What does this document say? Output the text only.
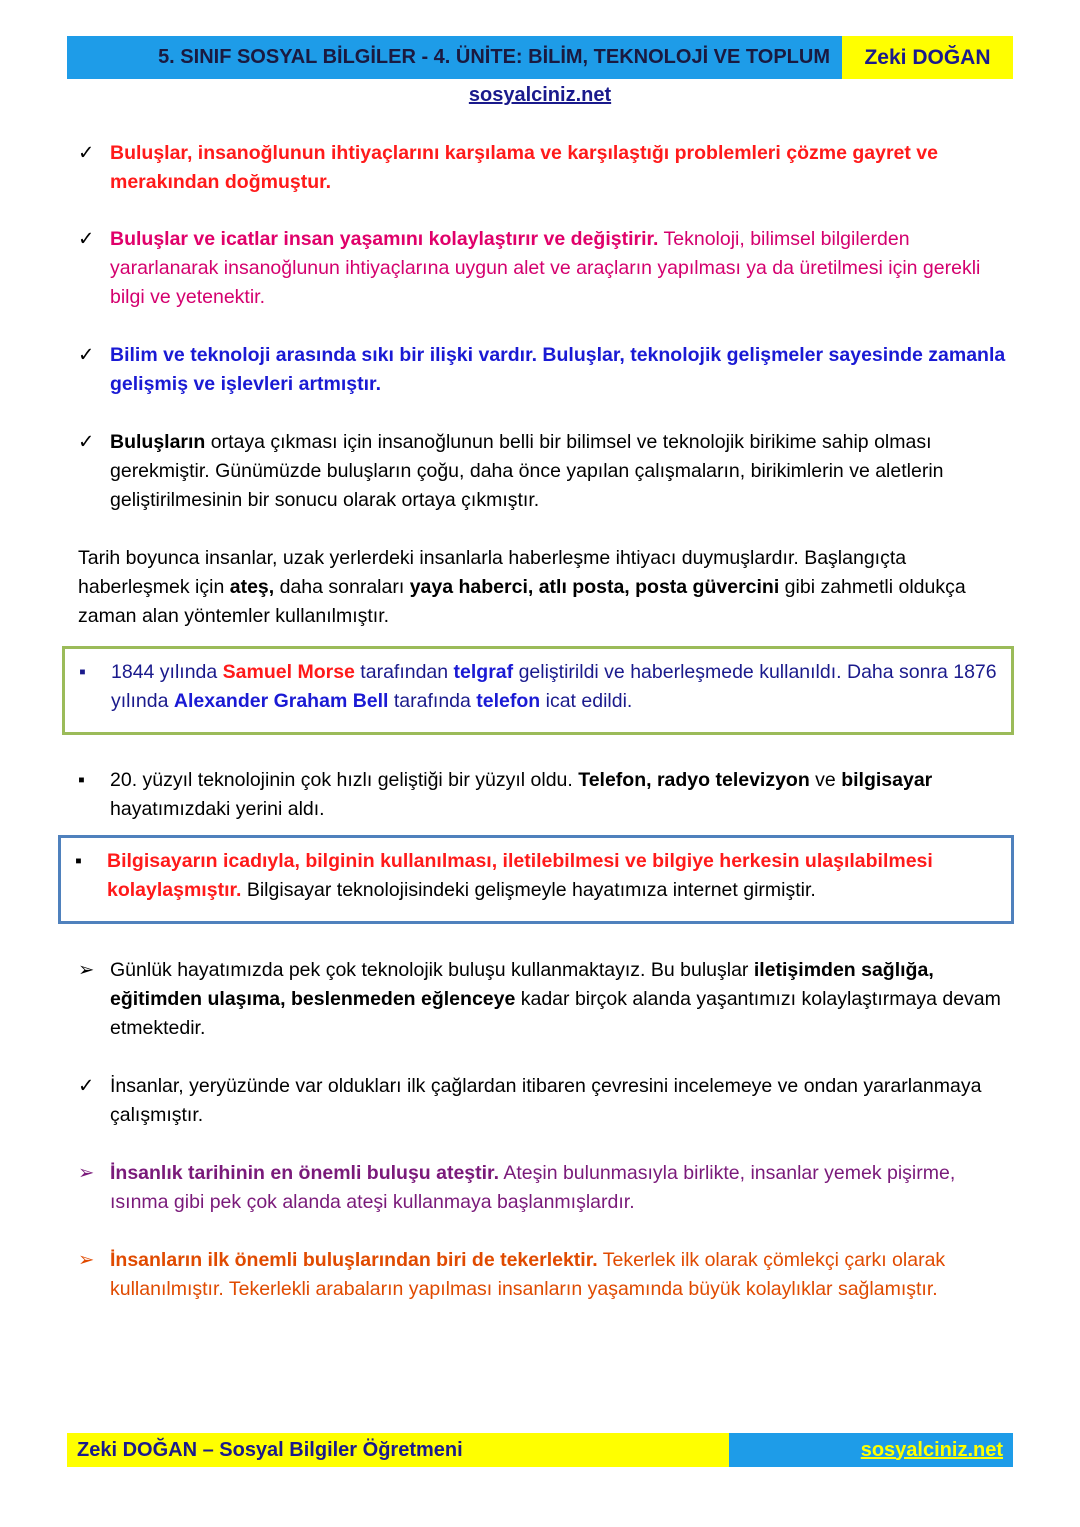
5. SINIF SOSYAL BİLGİLER - 4. ÜNİTE: BİLİM, TEKNOLOJİ VE TOPLUM	Zeki DOĞAN
sosyalciniz.net
✓ Buluşlar, insanoğlunun ihtiyaçlarını karşılama ve karşılaştığı problemleri çözme gayret ve merakından doğmuştur.
✓ Buluşlar ve icatlar insan yaşamını kolaylaştırır ve değiştirir. Teknoloji, bilimsel bilgilerden yararlanarak insanoğlunun ihtiyaçlarına uygun alet ve araçların yapılması ya da üretilmesi için gerekli bilgi ve yetenektir.
✓ Bilim ve teknoloji arasında sıkı bir ilişki vardır. Buluşlar, teknolojik gelişmeler sayesinde zamanla gelişmiş ve işlevleri artmıştır.
✓ Buluşların ortaya çıkması için insanoğlunun belli bir bilimsel ve teknolojik birikime sahip olması gerekmiştir. Günümüzde buluşların çoğu, daha önce yapılan çalışmaların, birikimlerin ve aletlerin geliştirilmesinin bir sonucu olarak ortaya çıkmıştır.
Tarih boyunca insanlar, uzak yerlerdeki insanlarla haberleşme ihtiyacı duymuşlardır. Başlangıçta haberleşmek için ateş, daha sonraları yaya haberci, atlı posta, posta güvercini gibi zahmetli oldukça zaman alan yöntemler kullanılmıştır.
▪	1844 yılında Samuel Morse tarafından telgraf geliştirildi ve haberleşmede kullanıldı. Daha sonra 1876 yılında Alexander Graham Bell tarafında telefon icat edildi.
▪	20. yüzyıl teknolojinin çok hızlı geliştiği bir yüzyıl oldu. Telefon, radyo televizyon ve bilgisayar hayatımızdaki yerini aldı.
▪	Bilgisayarın icadıyla, bilginin kullanılması, iletilebilmesi ve bilgiye herkesin ulaşılabilmesi kolaylaşmıştır. Bilgisayar teknolojisindeki gelişmeyle hayatımıza internet girmiştir.
➢ Günlük hayatımızda pek çok teknolojik buluşu kullanmaktayız. Bu buluşlar iletişimden sağlığa, eğitimden ulaşıma, beslenmeden eğlenceye kadar birçok alanda yaşantımızı kolaylaştırmaya devam etmektedir.
✓ İnsanlar, yeryüzünde var oldukları ilk çağlardan itibaren çevresini incelemeye ve ondan yararlanmaya çalışmıştır.
➢ İnsanlık tarihinin en önemli buluşu ateştir. Ateşin bulunmasıyla birlikte, insanlar yemek pişirme, ısınma gibi pek çok alanda ateşi kullanmaya başlanmışlardır.
➢ İnsanların ilk önemli buluşlarından biri de tekerlektir. Tekerlek ilk olarak çömlekçi çarkı olarak kullanılmıştır. Tekerlekli arabaların yapılması insanların yaşamında büyük kolaylıklar sağlamıştır.
Zeki DOĞAN – Sosyal Bilgiler Öğretmeni	sosyalciniz.net
